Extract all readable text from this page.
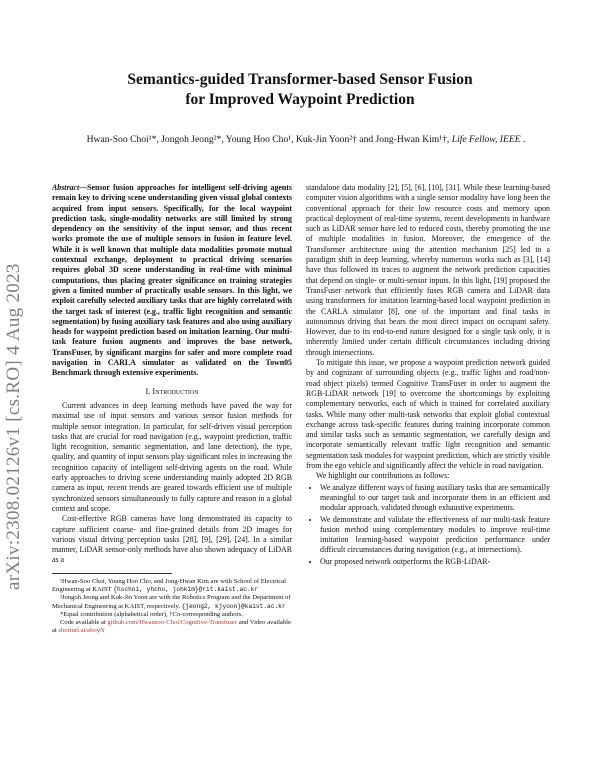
arXiv:2308.02126v1 [cs.RO] 4 Aug 2023
Semantics-guided Transformer-based Sensor Fusion
for Improved Waypoint Prediction
Hwan-Soo Choi¹*, Jongoh Jeong²*, Young Hoo Cho¹, Kuk-Jin Yoon²† and Jong-Hwan Kim¹†, Life Fellow, IEEE .

Abstract—Sensor fusion approaches for intelligent self-driving agents remain key to driving scene understanding given visual global contexts acquired from input sensors. Specifically, for the local waypoint prediction task, single-modality networks are still limited by strong dependency on the sensitivity of the input sensor, and thus recent works promote the use of multiple sensors in fusion in feature level. While it is well known that multiple data modalities promote mutual contextual exchange, deployment to practical driving scenarios requires global 3D scene understanding in real-time with minimal computations, thus placing greater significance on training strategies given a limited number of practically usable sensors. In this light, we exploit carefully selected auxiliary tasks that are highly correlated with the target task of interest (e.g., traffic light recognition and semantic segmentation) by fusing auxiliary task features and also using auxiliary heads for waypoint prediction based on imitation learning. Our multi-task feature fusion augments and improves the base network, TransFuser, by significant margins for safer and more complete road navigation in CARLA simulator as validated on the Town05 Benchmark through extensive experiments.

I. Introduction

Current advances in deep learning methods have paved the way for maximal use of input sensors and various sensor fusion methods for multiple sensor integration. In particular, for self-driven visual perception tasks that are crucial for road navigation (e.g., waypoint prediction, traffic light recognition, semantic segmentation, and lane detection), the type, quality, and quantity of input sensors play significant roles in increasing the recognition capacity of intelligent self-driving agents on the road. While early approaches to driving scene understanding mainly adopted 2D RGB camera as input, recent trends are geared towards efficient use of multiple synchronized sensors simultaneously to fully capture and reason in a global context and scope.

Cost-effective RGB cameras have long demonstrated its capacity to capture sufficient coarse- and fine-grained details from 2D images for various visual driving perception tasks [28], [9], [29], [24]. In a similar manner, LiDAR sensor-only methods have also shown adequacy of LiDAR as a

¹Hwan-Soo Choi, Young Hoo Cho, and Jong-Hwan Kim are with School of Electrical Engineering at KAIST {hschoi, yhcho, johkim}@rit.kaist.ac.kr

²Jongoh Jeong and Kuk-Jin Yoon are with the Robotics Program and the Department of Mechanical Engineering at KAIST, respectively. {jeong2, kjyoon}@kaist.ac.kr

*Equal contribution (alphabetical order), †Co-corresponding authors.

Code available at github.com/Hwansoo-Choi/Cognitive-Transfuser and Video available at shorturl.at/aboyN

standalone data modality [2], [5], [6], [10], [31]. While these learning-based computer vision algorithms with a single sensor modality have long been the conventional approach for their low resource costs and memory upon practical deployment of real-time systems, recent developments in hardware such as LiDAR sensor have led to reduced costs, thereby promoting the use of multiple modalities in fusion. Moreover, the emergence of the Transformer architecture using the attention mechanism [25] led to a paradigm shift in deep learning, whereby numerous works such as [3], [14] have thus followed its traces to augment the network prediction capacities that depend on single- or multi-sensor inputs. In this light, [19] proposed the TransFuser network that efficiently fuses RGB camera and LiDAR data using transformers for imitation learning-based local waypoint prediction in the CARLA simulator [8], one of the important and final tasks in autonomous driving that bears the most direct impact on occupant safety. However, due to its end-to-end nature designed for a single task only, it is inherently limited under certain difficult circumstances including driving through intersections.

To mitigate this issue, we propose a waypoint prediction network guided by and cognizant of surrounding objects (e.g., traffic lights and road/non-road object pixels) termed Cognitive TransFuser in order to augment the RGB-LiDAR network [19] to overcome the shortcomings by exploiting complementary networks, each of which is trained for correlated auxiliary tasks. While many other multi-task networks that exploit global contextual exchange across task-specific features during training incorporate common and similar tasks such as semantic segmentation, we carefully design and incorporate semantically relevant traffic light recognition and semantic segmentation task modules for waypoint prediction, which are strictly visible from the ego vehicle and significantly affect the vehicle in road navigation.

We highlight our contributions as follows:

• We analyze different ways of fusing auxiliary tasks that are semantically meaningful to our target task and incorporate them in an efficient and modular approach, validated through exhaustive experiments.
• We demonstrate and validate the effectiveness of our multi-task feature fusion method using complementary modules to improve real-time imitation learning-based waypoint prediction performance under difficult circumstances during navigation (e.g., at intersections).
• Our proposed network outperforms the RGB-LiDAR-
